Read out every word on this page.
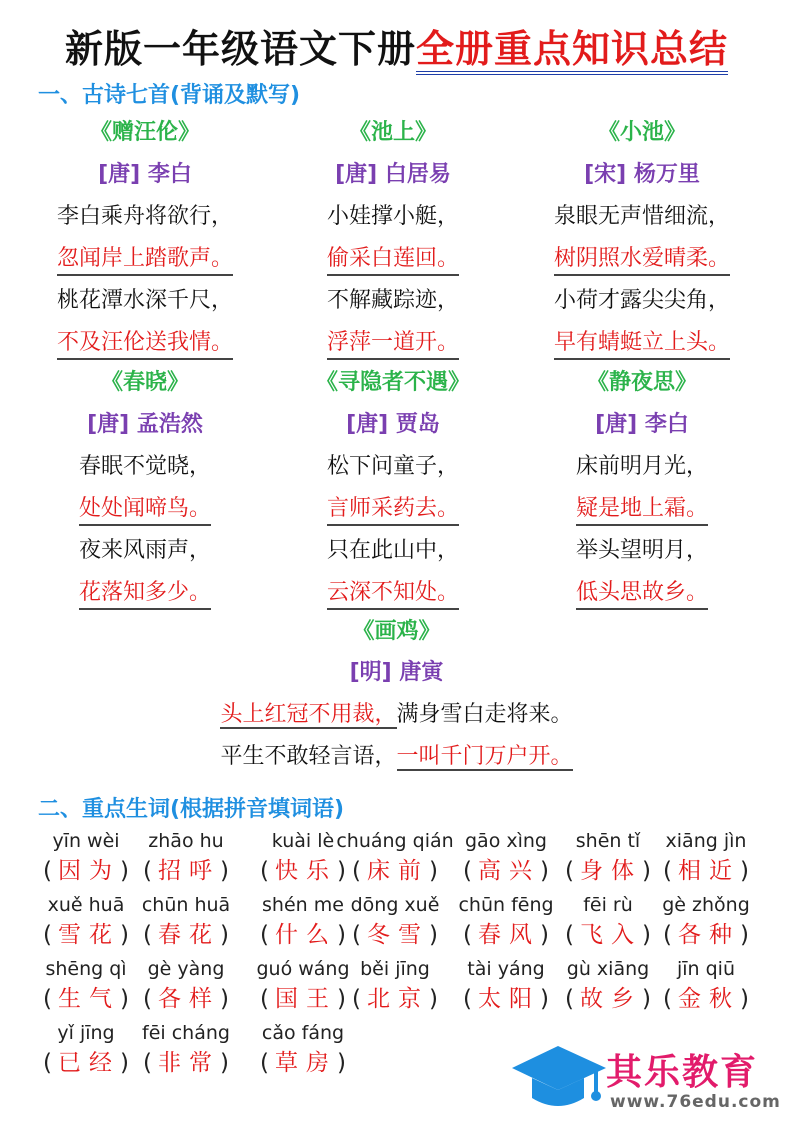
新版一年级语文下册全册重点知识总结
一、古诗七首(背诵及默写)
《赠汪伦》
[唐] 李白
李白乘舟将欲行，
忽闻岸上踏歌声。
桃花潭水深千尺，
不及汪伦送我情。
《池上》
[唐] 白居易
小娃撑小艇，
偷采白莲回。
不解藏踪迹，
浮萍一道开。
《小池》
[宋] 杨万里
泉眼无声惜细流，
树阴照水爱晴柔。
小荷才露尖尖角，
早有蜻蜓立上头。
《春晓》
[唐] 孟浩然
春眠不觉晓，
处处闻啼鸟。
夜来风雨声，
花落知多少。
《寻隐者不遇》
[唐] 贾岛
松下问童子，
言师采药去。
只在此山中，
云深不知处。
《静夜思》
[唐] 李白
床前明月光，
疑是地上霜。
举头望明月，
低头思故乡。
《画鸡》
[明] 唐寅
头上红冠不用裁，满身雪白走将来。
平生不敢轻言语，一叫千门万户开。
二、重点生词(根据拼音填词语)
yīn wèi
( 因为)
zhāo hu
( 招呼)
kuài lè
( 快乐)
chuáng qián
( 床前)
gāo xìng
( 高兴)
shēn tǐ
( 身体)
xiāng jìn
( 相近)
xuě huā
( 雪花)
chūn huā
( 春花)
shén me
( 什么)
dōng xuě
( 冬雪)
chūn fēng
( 春风)
fēi rù
( 飞入)
gè zhǒng
( 各种)
shēng qì
( 生气)
gè yàng
( 各样)
guó wáng
( 国王)
běi jīng
( 北京)
tài yáng
( 太阳)
gù xiāng
( 故乡)
jīn qiū
( 金秋)
yǐ jīng
( 已经)
fēi cháng
( 非常)
cǎo fáng
( 草房)	其乐教育
www.76edu.com
